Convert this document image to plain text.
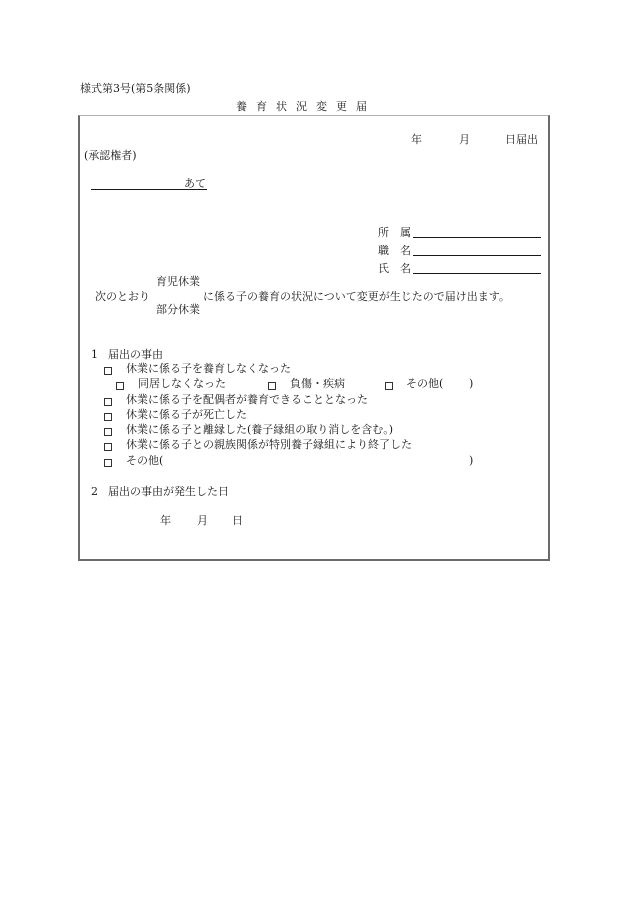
様式第3号(第5条関係)
養育状況変更届
年	月	日届出
(承認権者)
あて
所　属
職　名
氏　名
育児休業
次のとおり	に係る子の養育の状況について変更が生じたので届け出ます。
部分休業
1 届出の事由
休業に係る子を養育しなくなった
同居しなくなった	負傷・疾病	その他( )
休業に係る子を配偶者が養育できることとなった
休業に係る子が死亡した
休業に係る子と離縁した(養子縁組の取り消しを含む。)
休業に係る子との親族関係が特別養子縁組により終了した
その他(	)
2 届出の事由が発生した日
年 月 日
